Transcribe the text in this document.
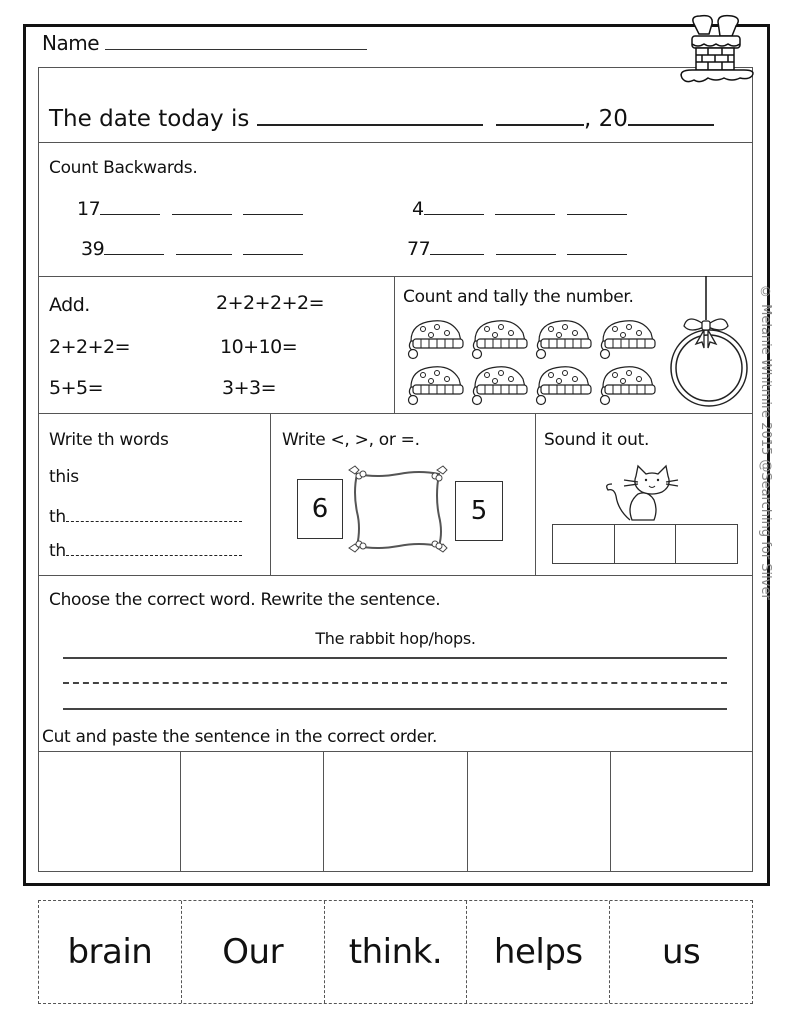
Name
The date today is	, 20
Count Backwards.
17	4
39	77
Add.	2+2+2+2=
2+2+2=	10+10=
5+5=	3+3=
Count and tally the number.
Write th words
this
th
th
Write <, >, or =.
6	5
Sound it out.
Choose the correct word. Rewrite the sentence.
The rabbit hop/hops.
Cut and paste the sentence in the correct order.
brain	Our	think.	helps	us
© Melanie Whitmire 2015 @Searching for Silver
